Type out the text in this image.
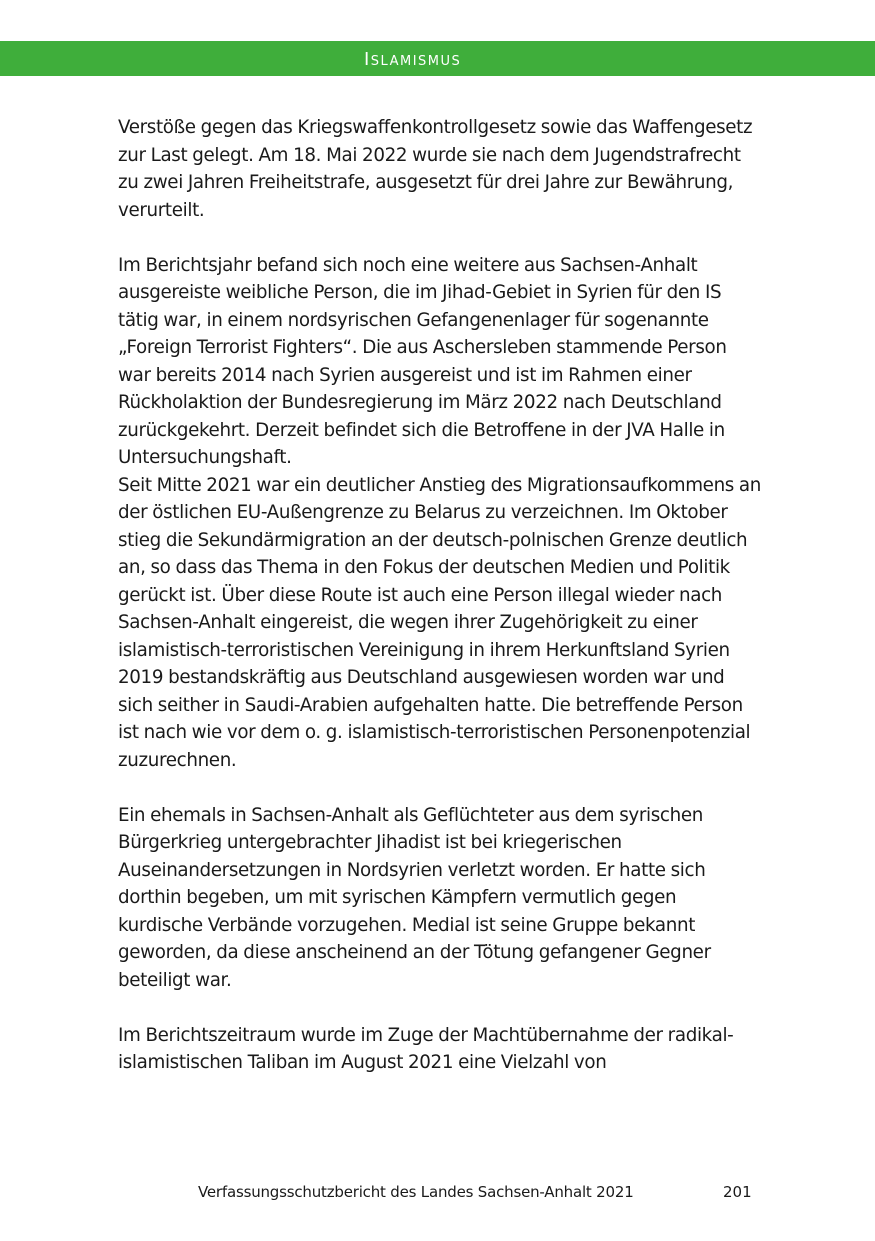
Islamismus

Verstöße gegen das Kriegswaffenkontrollgesetz sowie das Waffengesetz zur Last gelegt. Am 18. Mai 2022 wurde sie nach dem Jugendstrafrecht zu zwei Jahren Freiheitstrafe, ausgesetzt für drei Jahre zur Bewährung, verurteilt.

Im Berichtsjahr befand sich noch eine weitere aus Sachsen-Anhalt ausgereiste weibliche Person, die im Jihad-Gebiet in Syrien für den IS tätig war, in einem nordsyrischen Gefangenenlager für sogenannte „Foreign Terrorist Fighters“. Die aus Aschersleben stammende Person war bereits 2014 nach Syrien ausgereist und ist im Rahmen einer Rückholaktion der Bundesregierung im März 2022 nach Deutschland zurückgekehrt. Derzeit befindet sich die Betroffene in der JVA Halle in Untersuchungshaft.

Seit Mitte 2021 war ein deutlicher Anstieg des Migrationsaufkommens an der östlichen EU-Außengrenze zu Belarus zu verzeichnen. Im Oktober stieg die Sekundärmigration an der deutsch-polnischen Grenze deutlich an, so dass das Thema in den Fokus der deutschen Medien und Politik gerückt ist. Über diese Route ist auch eine Person illegal wieder nach Sachsen-Anhalt eingereist, die wegen ihrer Zugehörigkeit zu einer islamistisch-terroristischen Vereinigung in ihrem Herkunftsland Syrien 2019 bestandskräftig aus Deutschland ausgewiesen worden war und sich seither in Saudi-Arabien aufgehalten hatte. Die betreffende Person ist nach wie vor dem o. g. islamistisch-terroristischen Personenpotenzial zuzurechnen.

Ein ehemals in Sachsen-Anhalt als Geflüchteter aus dem syrischen Bürgerkrieg untergebrachter Jihadist ist bei kriegerischen Auseinandersetzungen in Nordsyrien verletzt worden. Er hatte sich dorthin begeben, um mit syrischen Kämpfern vermutlich gegen kurdische Verbände vorzugehen. Medial ist seine Gruppe bekannt geworden, da diese anscheinend an der Tötung gefangener Gegner beteiligt war.

Im Berichtszeitraum wurde im Zuge der Machtübernahme der radikal-islamistischen Taliban im August 2021 eine Vielzahl von

Verfassungsschutzbericht des Landes Sachsen-Anhalt 2021	201
